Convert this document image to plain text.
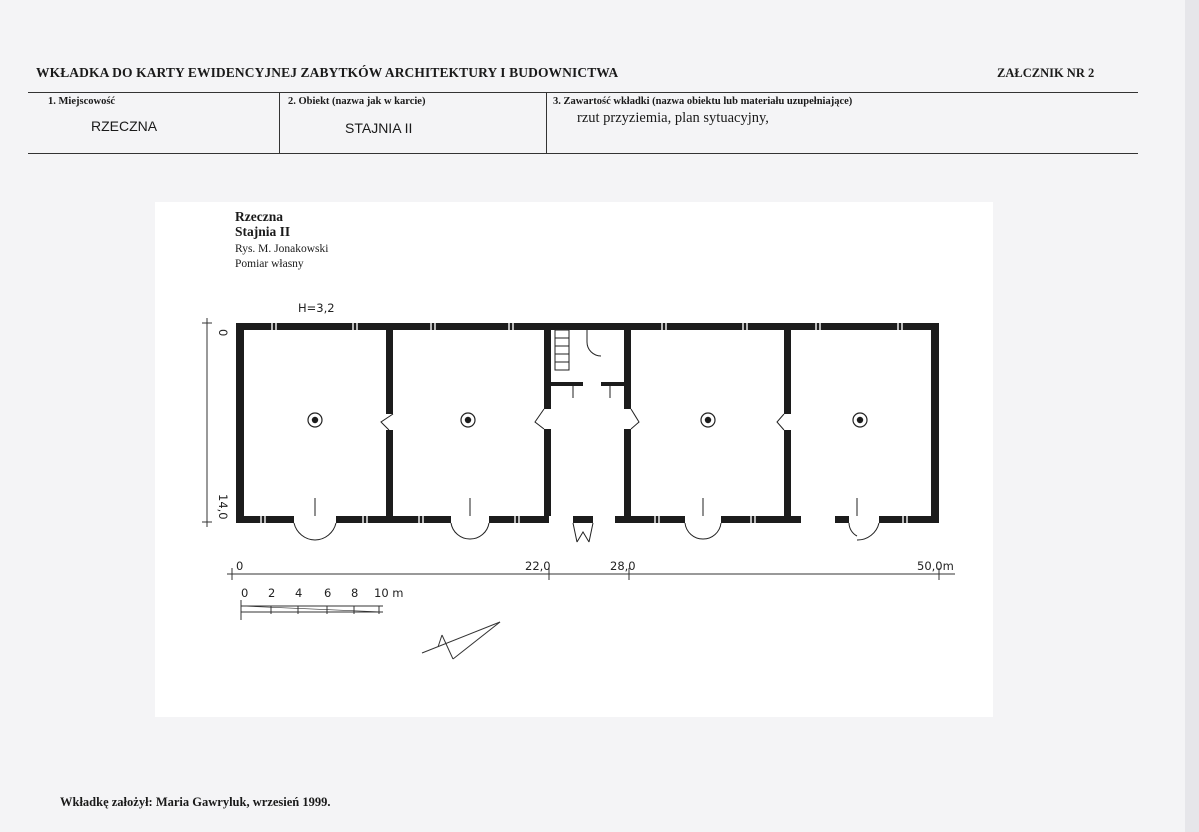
WKŁADKA DO KARTY EWIDENCYJNEJ ZABYTKÓW ARCHITEKTURY I BUDOWNICTWA	ZAŁCZNIK NR 2
1. Miejscowość
RZECZNA
2. Obiekt (nazwa jak w karcie)
STAJNIA II
3. Zawartość wkładki (nazwa obiektu lub materiału uzupełniające)
rzut przyziemia, plan sytuacyjny,
Rzeczna
Stajnia II
Rys. M. Jonakowski
Pomiar własny
H=3,2
0
14,0
0	22,0	28,0	50,0m
0 2 4 6 8 10 m
Wkładkę założył: Maria Gawryluk, wrzesień 1999.
